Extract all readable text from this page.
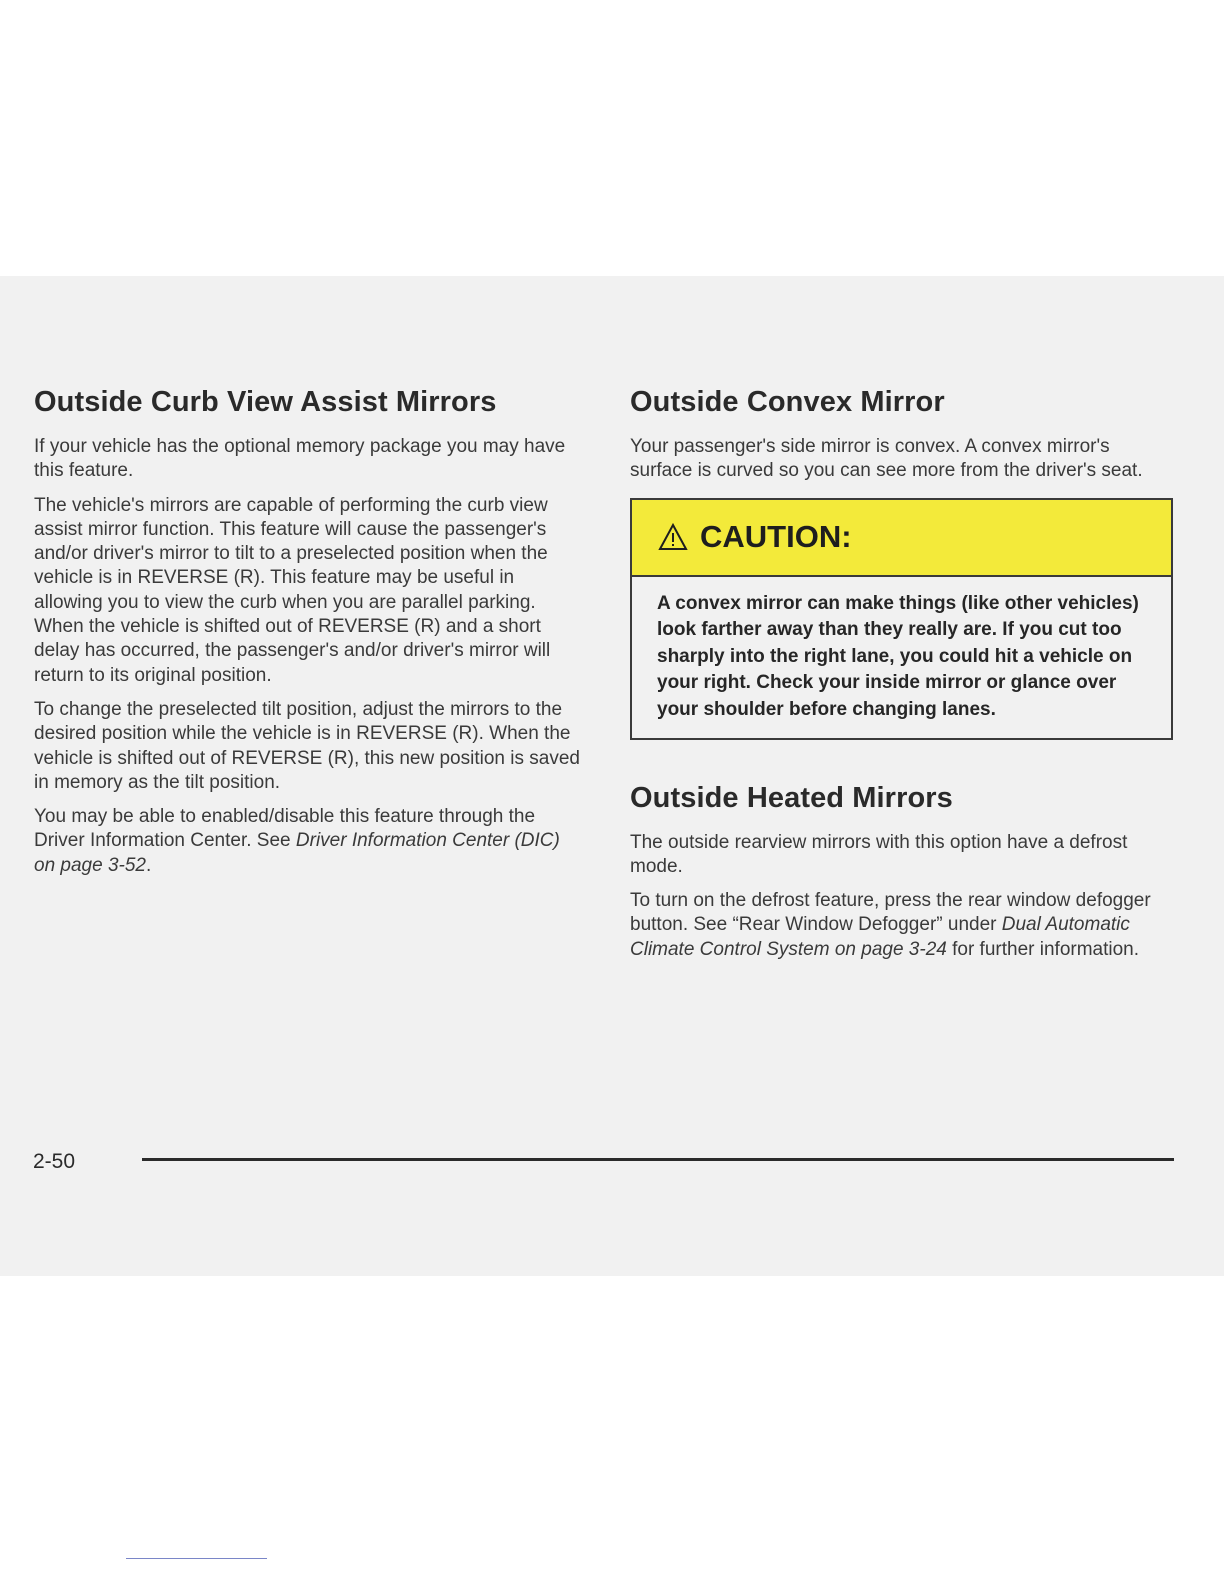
Outside Curb View Assist Mirrors

If your vehicle has the optional memory package you may have this feature.

The vehicle's mirrors are capable of performing the curb view assist mirror function. This feature will cause the passenger's and/or driver's mirror to tilt to a preselected position when the vehicle is in REVERSE (R). This feature may be useful in allowing you to view the curb when you are parallel parking. When the vehicle is shifted out of REVERSE (R) and a short delay has occurred, the passenger's and/or driver's mirror will return to its original position.

To change the preselected tilt position, adjust the mirrors to the desired position while the vehicle is in REVERSE (R). When the vehicle is shifted out of REVERSE (R), this new position is saved in memory as the tilt position.

You may be able to enabled/disable this feature through the Driver Information Center. See Driver Information Center (DIC) on page 3-52.

Outside Convex Mirror

Your passenger's side mirror is convex. A convex mirror's surface is curved so you can see more from the driver's seat.

CAUTION:
A convex mirror can make things (like other vehicles) look farther away than they really are. If you cut too sharply into the right lane, you could hit a vehicle on your right. Check your inside mirror or glance over your shoulder before changing lanes.
Outside Heated Mirrors

The outside rearview mirrors with this option have a defrost mode.

To turn on the defrost feature, press the rear window defogger button. See “Rear Window Defogger” under Dual Automatic Climate Control System on page 3-24 for further information.

2-50
